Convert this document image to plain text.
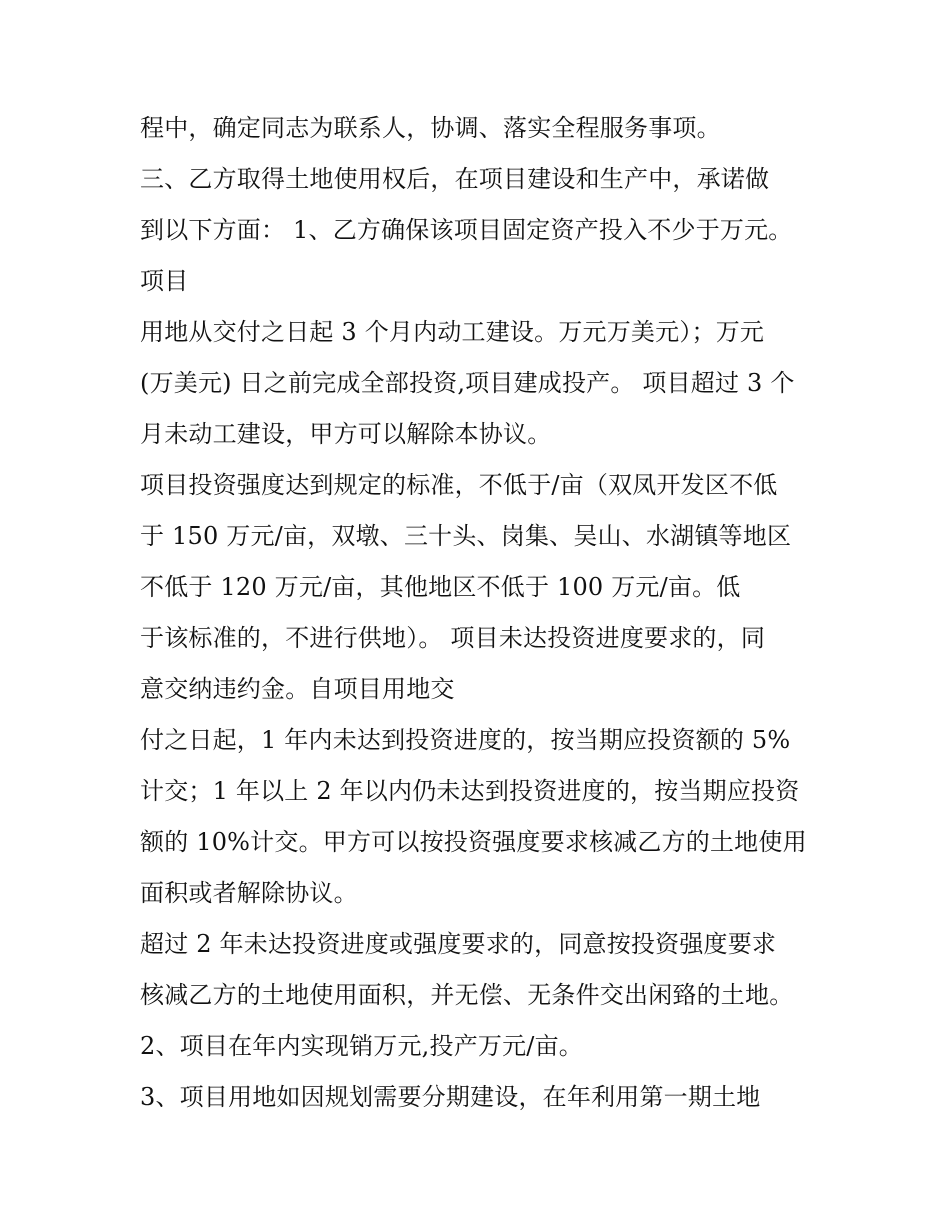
程中，确定同志为联系人，协调、落实全程服务事项。
三、乙方取得土地使用权后，在项目建设和生产中，承诺做
到以下方面： 1、乙方确保该项目固定资产投入不少于万元。
项目
用地从交付之日起 3 个月内动工建设。万元万美元）；万元
(万美元) 日之前完成全部投资,项目建成投产。 项目超过 3 个
月未动工建设，甲方可以解除本协议。
项目投资强度达到规定的标准，不低于/亩（双凤开发区不低
于 150 万元/亩，双墩、三十头、岗集、吴山、水湖镇等地区
不低于 120 万元/亩，其他地区不低于 100 万元/亩。低
于该标准的，不进行供地）。 项目未达投资进度要求的，同
意交纳违约金。自项目用地交
付之日起，1 年内未达到投资进度的，按当期应投资额的 5%
计交；1 年以上 2 年以内仍未达到投资进度的，按当期应投资
额的 10%计交。甲方可以按投资强度要求核减乙方的土地使用
面积或者解除协议。
超过 2 年未达投资进度或强度要求的，同意按投资强度要求
核减乙方的土地使用面积，并无偿、无条件交出闲臵的土地。
2、项目在年内实现销万元,投产万元/亩。
3、项目用地如因规划需要分期建设，在年利用第一期土地
